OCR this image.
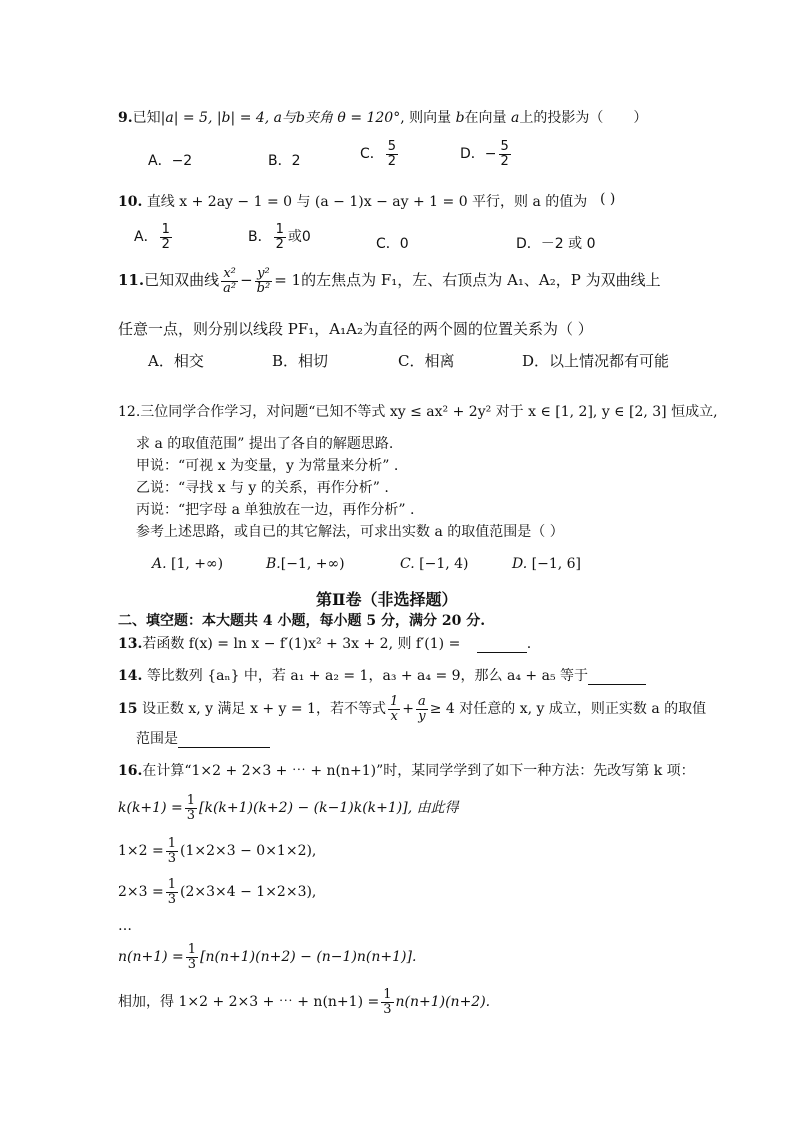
9.已知|a| = 5, |b| = 4, a与b夹角 θ = 120°, 则向量 b在向量 a上的投影为（ ）
A．−2	B．2	C． $\frac{5}{2}$	D．− $\frac{5}{2}$
10. 直线 x + 2ay − 1 = 0 与 (a − 1)x − ay + 1 = 0 平行，则 a 的值为 ( )
A． $\frac{1}{2}$	B． $\frac{1}{2}$ 或0	C．0	D．－2 或 0
11.已知双曲线 $\frac{\text{x²}}{\text{a²}} - \frac{\text{y²}}{\text{b²}} = 1$的左焦点为 F₁，左、右顶点为 A₁、A₂，P 为双曲线上
任意一点，则分别以线段 PF₁，A₁A₂为直径的两个圆的位置关系为（ ）
A．相交	B．相切	C．相离	D．以上情况都有可能
12.三位同学合作学习，对问题“已知不等式 xy ≤ ax² + 2y² 对于 x ∈ [1, 2], y ∈ [2, 3] 恒成立,
求 a 的取值范围” 提出了各自的解题思路.
甲说：“可视 x 为变量，y 为常量来分析” .
乙说：“寻找 x 与 y 的关系，再作分析” .
丙说：“把字母 a 单独放在一边，再作分析” .
参考上述思路，或自已的其它解法，可求出实数 a 的取值范围是（ ）
A. [1, +∞)	B.[−1, +∞)	C. [−1, 4)	D. [−1, 6]
第Ⅱ卷（非选择题）
二、填空题：本大题共 4 小题，每小题 5 分，满分 20 分.
13.若函数 f(x) = ln x − f′(1)x² + 3x + 2, 则 f′(1) =	.
14. 等比数列 {aₙ} 中，若 a₁ + a₂ = 1，a₃ + a₄ = 9，那么 a₄ + a₅ 等于
15 设正数 x, y 满足 x + y = 1，若不等式 $\frac{1}{x} + \frac{a}{y} \ge 4$ 对任意的 x, y 成立，则正实数 a 的取值
范围是
16.在计算“1×2 + 2×3 + ⋯ + n(n+1)”时，某同学学到了如下一种方法：先改写第 k 项：
$k(k+1) = \frac{1}{3} [k(k+1)(k+2) - (k-1)k(k+1)]$, 由此得
$1\times 2 = \frac{1}{3} (1\times 2\times 3 - 0\times 1\times 2)$,
$2\times 3 = \frac{1}{3} (2\times 3\times 4 - 1\times 2\times 3)$,
…
$n(n+1) = \frac{1}{3} [n(n+1)(n+2) - (n-1)n(n+1)]$.
相加，得 1×2 + 2×3 + ⋯ + $n(n+1) = \frac{1}{3} n(n+1)(n+2)$.
